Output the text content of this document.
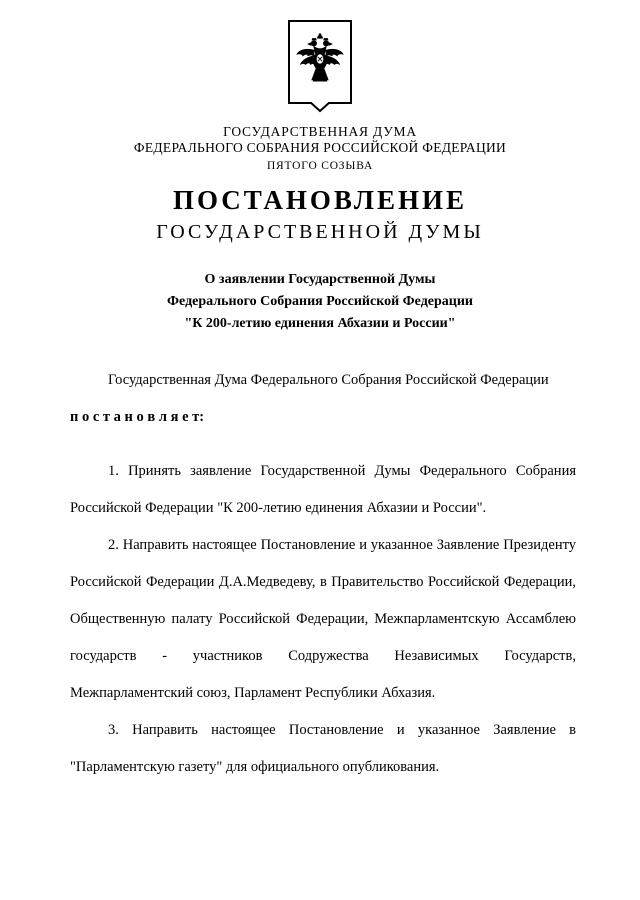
ГОСУДАРСТВЕННАЯ ДУМА
ФЕДЕРАЛЬНОГО СОБРАНИЯ РОССИЙСКОЙ ФЕДЕРАЦИИ
ПЯТОГО СОЗЫВА
ПОСТАНОВЛЕНИЕ
ГОСУДАРСТВЕННОЙ ДУМЫ
О заявлении Государственной Думы
Федерального Собрания Российской Федерации
"К 200-летию единения Абхазии и России"
Государственная Дума Федерального Собрания Российской Федерации
п о с т а н о в л я е т:
1. Принять заявление Государственной Думы Федерального Собрания Российской Федерации "К 200-летию единения Абхазии и России".
2. Направить настоящее Постановление и указанное Заявление Президенту Российской Федерации Д.А.Медведеву, в Правительство Российской Федерации, Общественную палату Российской Федерации, Межпарламентскую Ассамблею государств - участников Содружества Независимых Государств, Межпарламентский союз, Парламент Республики Абхазия.
3. Направить настоящее Постановление и указанное Заявление в "Парламентскую газету" для официального опубликования.
